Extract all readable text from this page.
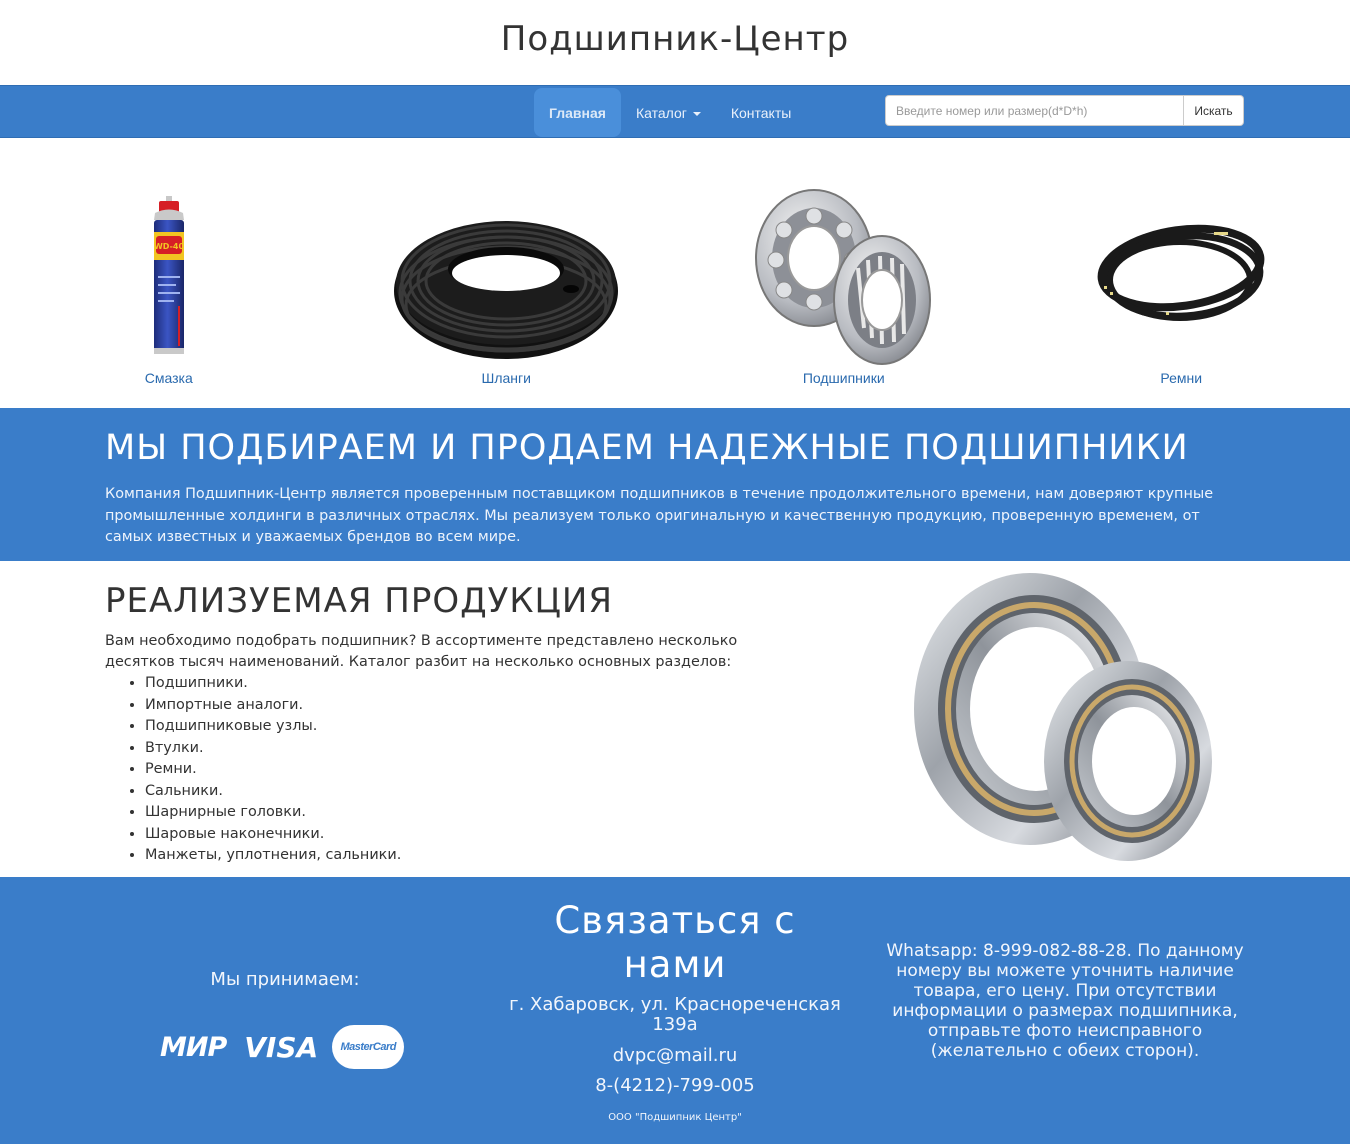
Подшипник-Центр
Главная	Каталог	Контакты
Введите номер или размер(d*D*h)	Искать
WD-40
Смазка	Шланги	Подшипники	Ремни
МЫ ПОДБИРАЕМ И ПРОДАЕМ НАДЕЖНЫЕ ПОДШИПНИКИ

Компания Подшипник-Центр является проверенным поставщиком подшипников в течение продолжительного времени, нам доверяют крупные промышленные холдинги в различных отраслях. Мы реализуем только оригинальную и качественную продукцию, проверенную временем, от самых известных и уважаемых брендов во всем мире.

РЕАЛИЗУЕМАЯ ПРОДУКЦИЯ

Вам необходимо подобрать подшипник? В ассортименте представлено несколько десятков тысяч наименований. Каталог разбит на несколько основных разделов:

• Подшипники.
• Импортные аналоги.
• Подшипниковые узлы.
• Втулки.
• Ремни.
• Сальники.
• Шарнирные головки.
• Шаровые наконечники.
• Манжеты, уплотнения, сальники.
Мы принимаем:
МИР VISA	MasterCard
Связаться с нами
г. Хабаровск, ул. Краснореченская 139а
dvpc@mail.ru
8-(4212)-799-005
ООО "Подшипник Центр"
Whatsapp: 8-999-082-88-28. По данному номеру вы можете уточнить наличие товара, его цену. При отсутствии информации о размерах подшипника, отправьте фото неисправного (желательно с обеих сторон).
